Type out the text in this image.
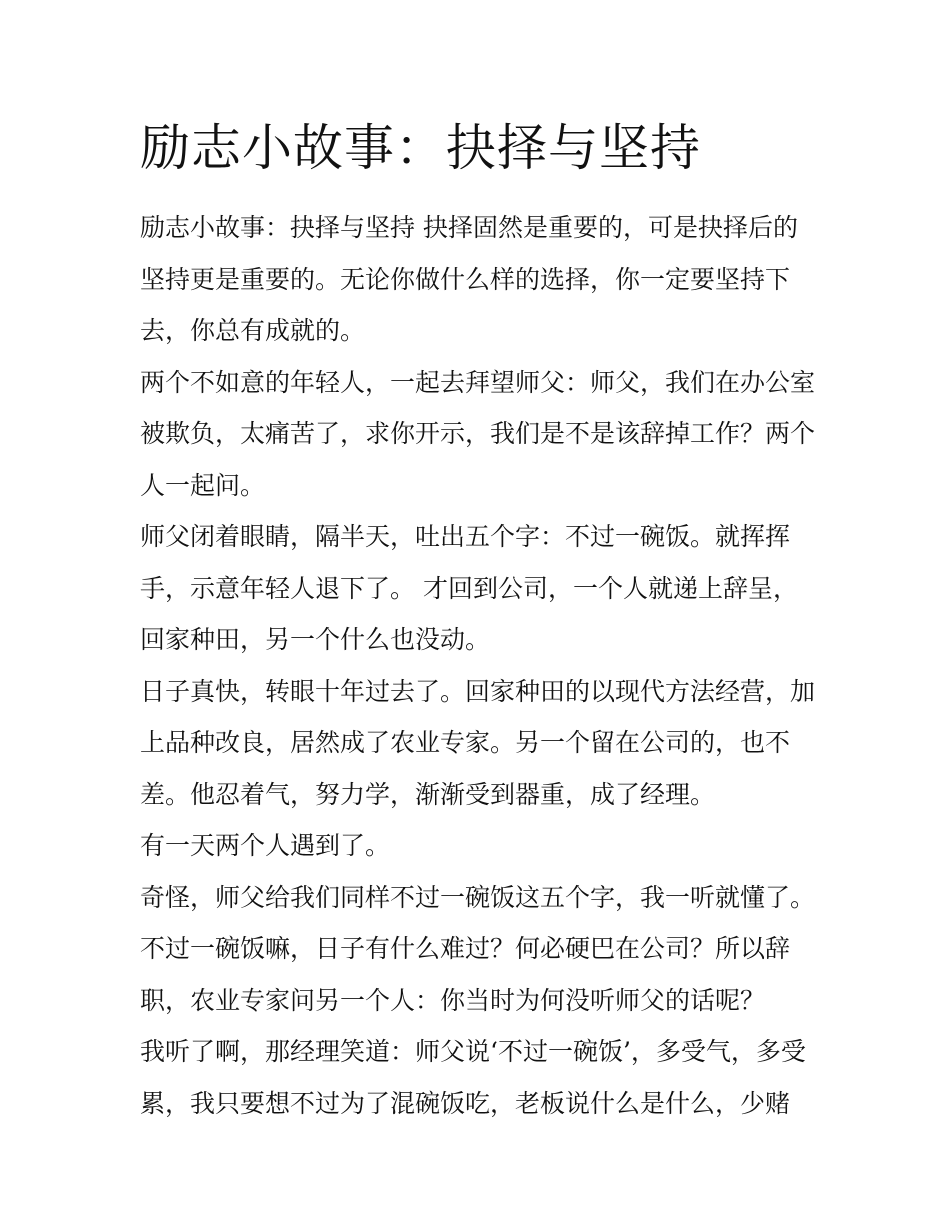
励志小故事：抉择与坚持

励志小故事：抉择与坚持 抉择固然是重要的，可是抉择后的坚持更是重要的。无论你做什么样的选择，你一定要坚持下去，你总有成就的。

两个不如意的年轻人，一起去拜望师父：师父，我们在办公室被欺负，太痛苦了，求你开示，我们是不是该辞掉工作？两个人一起问。

师父闭着眼睛，隔半天，吐出五个字：不过一碗饭。就挥挥手，示意年轻人退下了。 才回到公司，一个人就递上辞呈，回家种田，另一个什么也没动。

日子真快，转眼十年过去了。回家种田的以现代方法经营，加上品种改良，居然成了农业专家。另一个留在公司的，也不差。他忍着气，努力学，渐渐受到器重，成了经理。

有一天两个人遇到了。

奇怪，师父给我们同样不过一碗饭这五个字，我一听就懂了。不过一碗饭嘛，日子有什么难过？何必硬巴在公司？所以辞职，农业专家问另一个人：你当时为何没听师父的话呢？

我听了啊，那经理笑道：师父说‘不过一碗饭’，多受气，多受累，我只要想不过为了混碗饭吃，老板说什么是什么，少赌
